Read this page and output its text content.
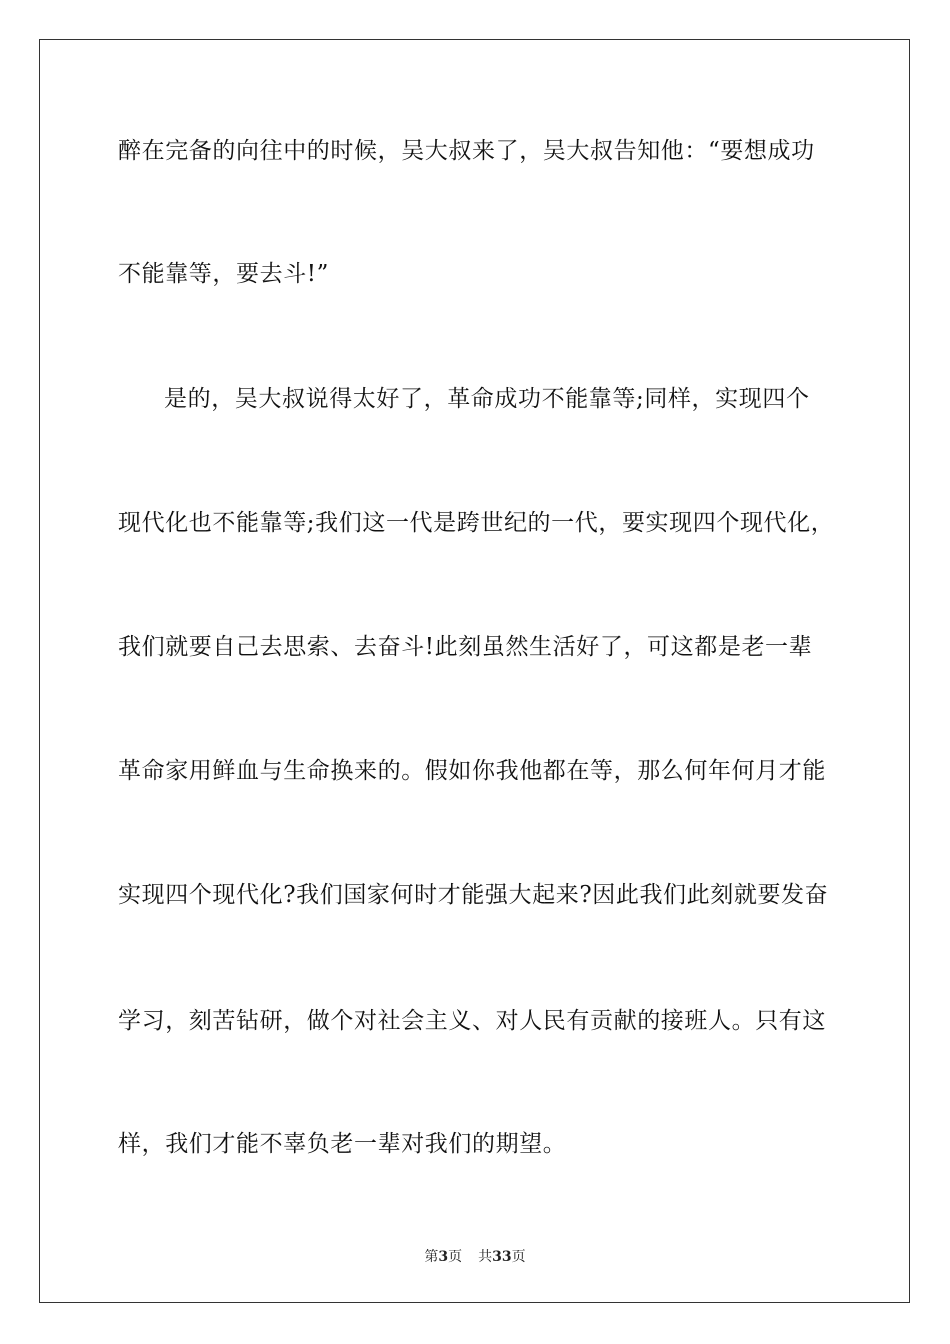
醉在完备的向往中的时候，吴大叔来了，吴大叔告知他：“要想成功
不能靠等，要去斗!”
是的，吴大叔说得太好了，革命成功不能靠等;同样，实现四个
现代化也不能靠等;我们这一代是跨世纪的一代，要实现四个现代化，
我们就要自己去思索、去奋斗!此刻虽然生活好了，可这都是老一辈
革命家用鲜血与生命换来的。假如你我他都在等，那么何年何月才能
实现四个现代化?我们国家何时才能强大起来?因此我们此刻就要发奋
学习，刻苦钻研，做个对社会主义、对人民有贡献的接班人。只有这
样，我们才能不辜负老一辈对我们的期望。
第3页 共33页
